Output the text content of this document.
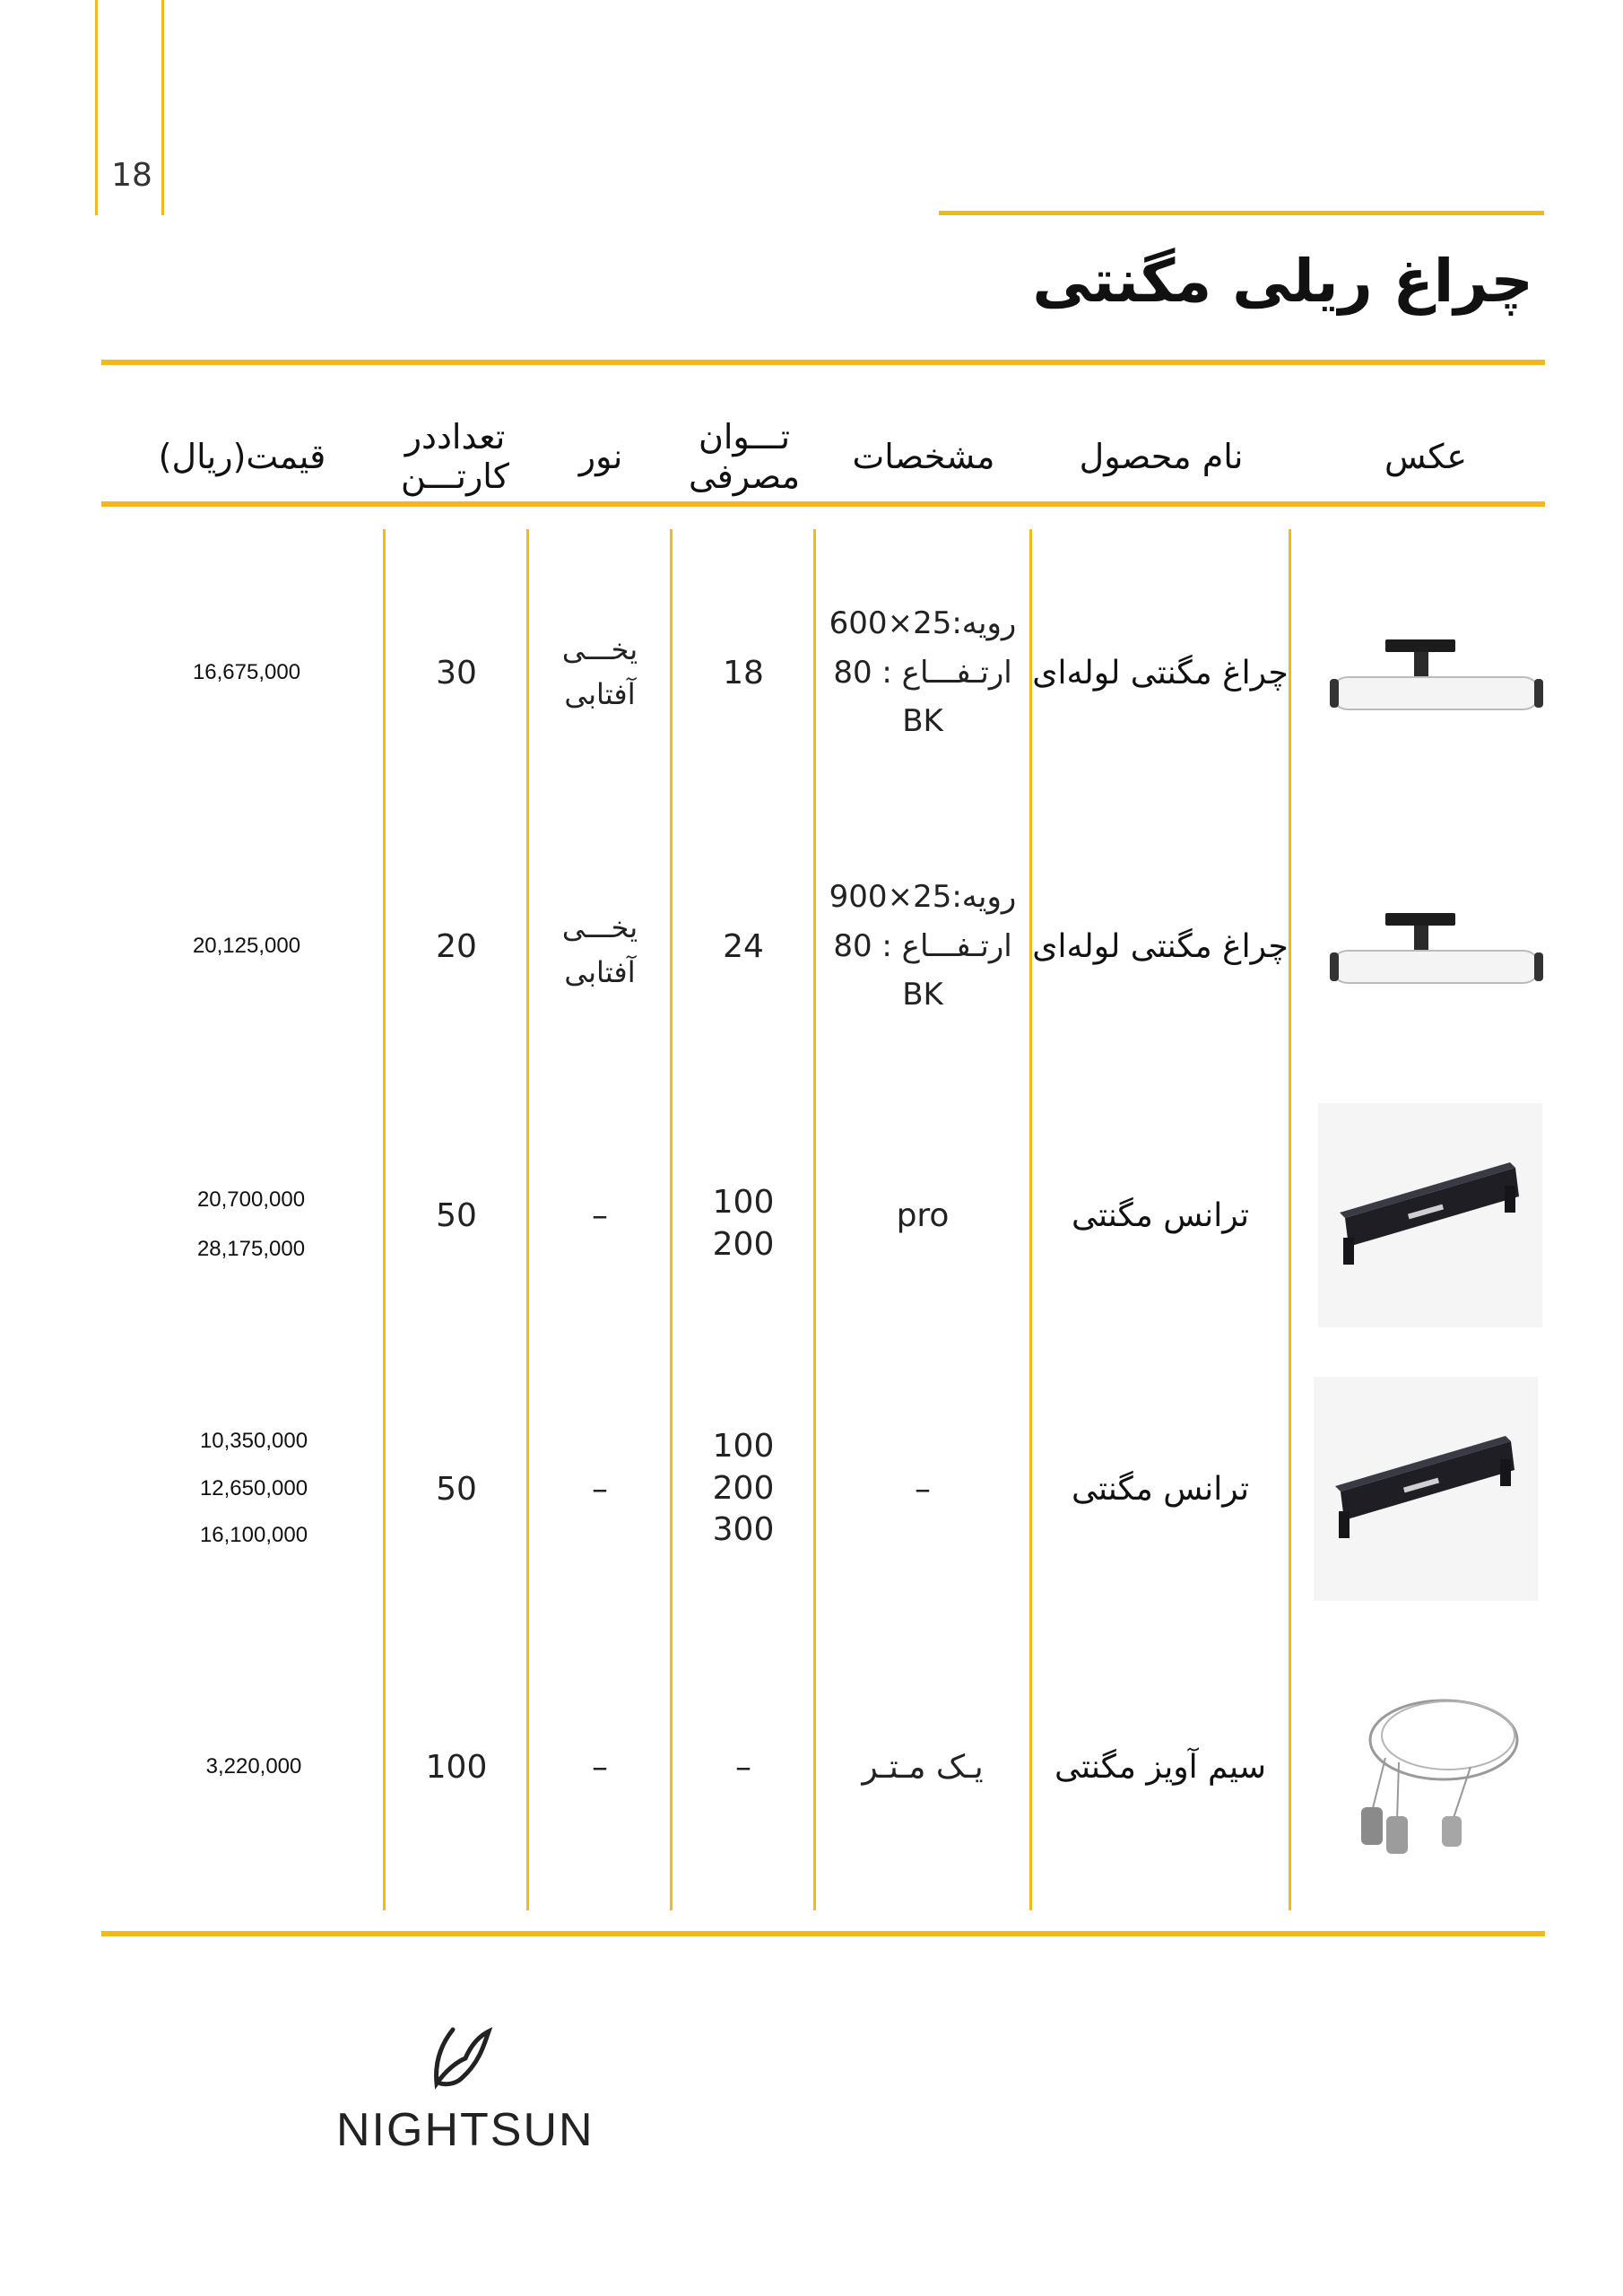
18
چراغ ریلی مگنتی
عکس
نام محصول
مشخصات
تـــوان
مصرفی
نور
تعداددر
کارتـــن
قیمت(ریال)
چراغ مگنتی لوله‌ای
رویه:25×600
ارتـفـــاع : 80
BK
18
یخـــی
آفتابی
30
16,675,000
چراغ مگنتی لوله‌ای
رویه:25×900
ارتـفـــاع : 80
BK
24
یخـــی
آفتابی
20
20,125,000
ترانس مگنتی
pro
100
200
–
50
20,700,000
28,175,000
ترانس مگنتی
–
100
200
300
–
50
10,350,000
12,650,000
16,100,000
سیم آویز مگنتی
یـک مـتـر
–
–
100
3,220,000
NIGHTSUN
